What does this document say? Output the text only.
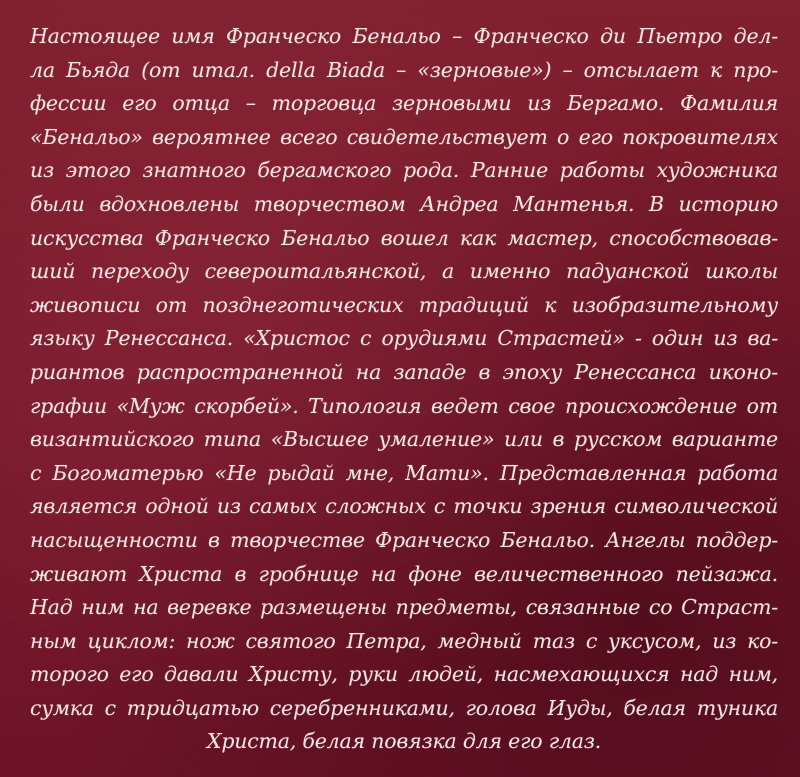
Настоящее имя Франческо Бенальо – Франческо ди Пьетро дел-
ла Бьяда (от итал. della Biada – «зерновые») – отсылает к про-
фессии его отца – торговца зерновыми из Бергамо. Фамилия
«Бенальо» вероятнее всего свидетельствует о его покровителях
из этого знатного бергамского рода. Ранние работы художника
были вдохновлены творчеством Андреа Мантенья. В историю
искусства Франческо Бенальо вошел как мастер, способствовав-
ший переходу североитальянской, а именно падуанской школы
живописи от позднеготических традиций к изобразительному
языку Ренессанса. «Христос с орудиями Страстей» - один из ва-
риантов распространенной на западе в эпоху Ренессанса иконо-
графии «Муж скорбей». Типология ведет свое происхождение от
византийского типа «Высшее умаление» или в русском варианте
с Богоматерью «Не рыдай мне, Мати». Представленная работа
является одной из самых сложных с точки зрения символической
насыщенности в творчестве Франческо Бенальо. Ангелы поддер-
живают Христа в гробнице на фоне величественного пейзажа.
Над ним на веревке размещены предметы, связанные со Страст-
ным циклом: нож святого Петра, медный таз с уксусом, из ко-
торого его давали Христу, руки людей, насмехающихся над ним,
сумка с тридцатью серебренниками, голова Иуды, белая туника
Христа, белая повязка для его глаз.
